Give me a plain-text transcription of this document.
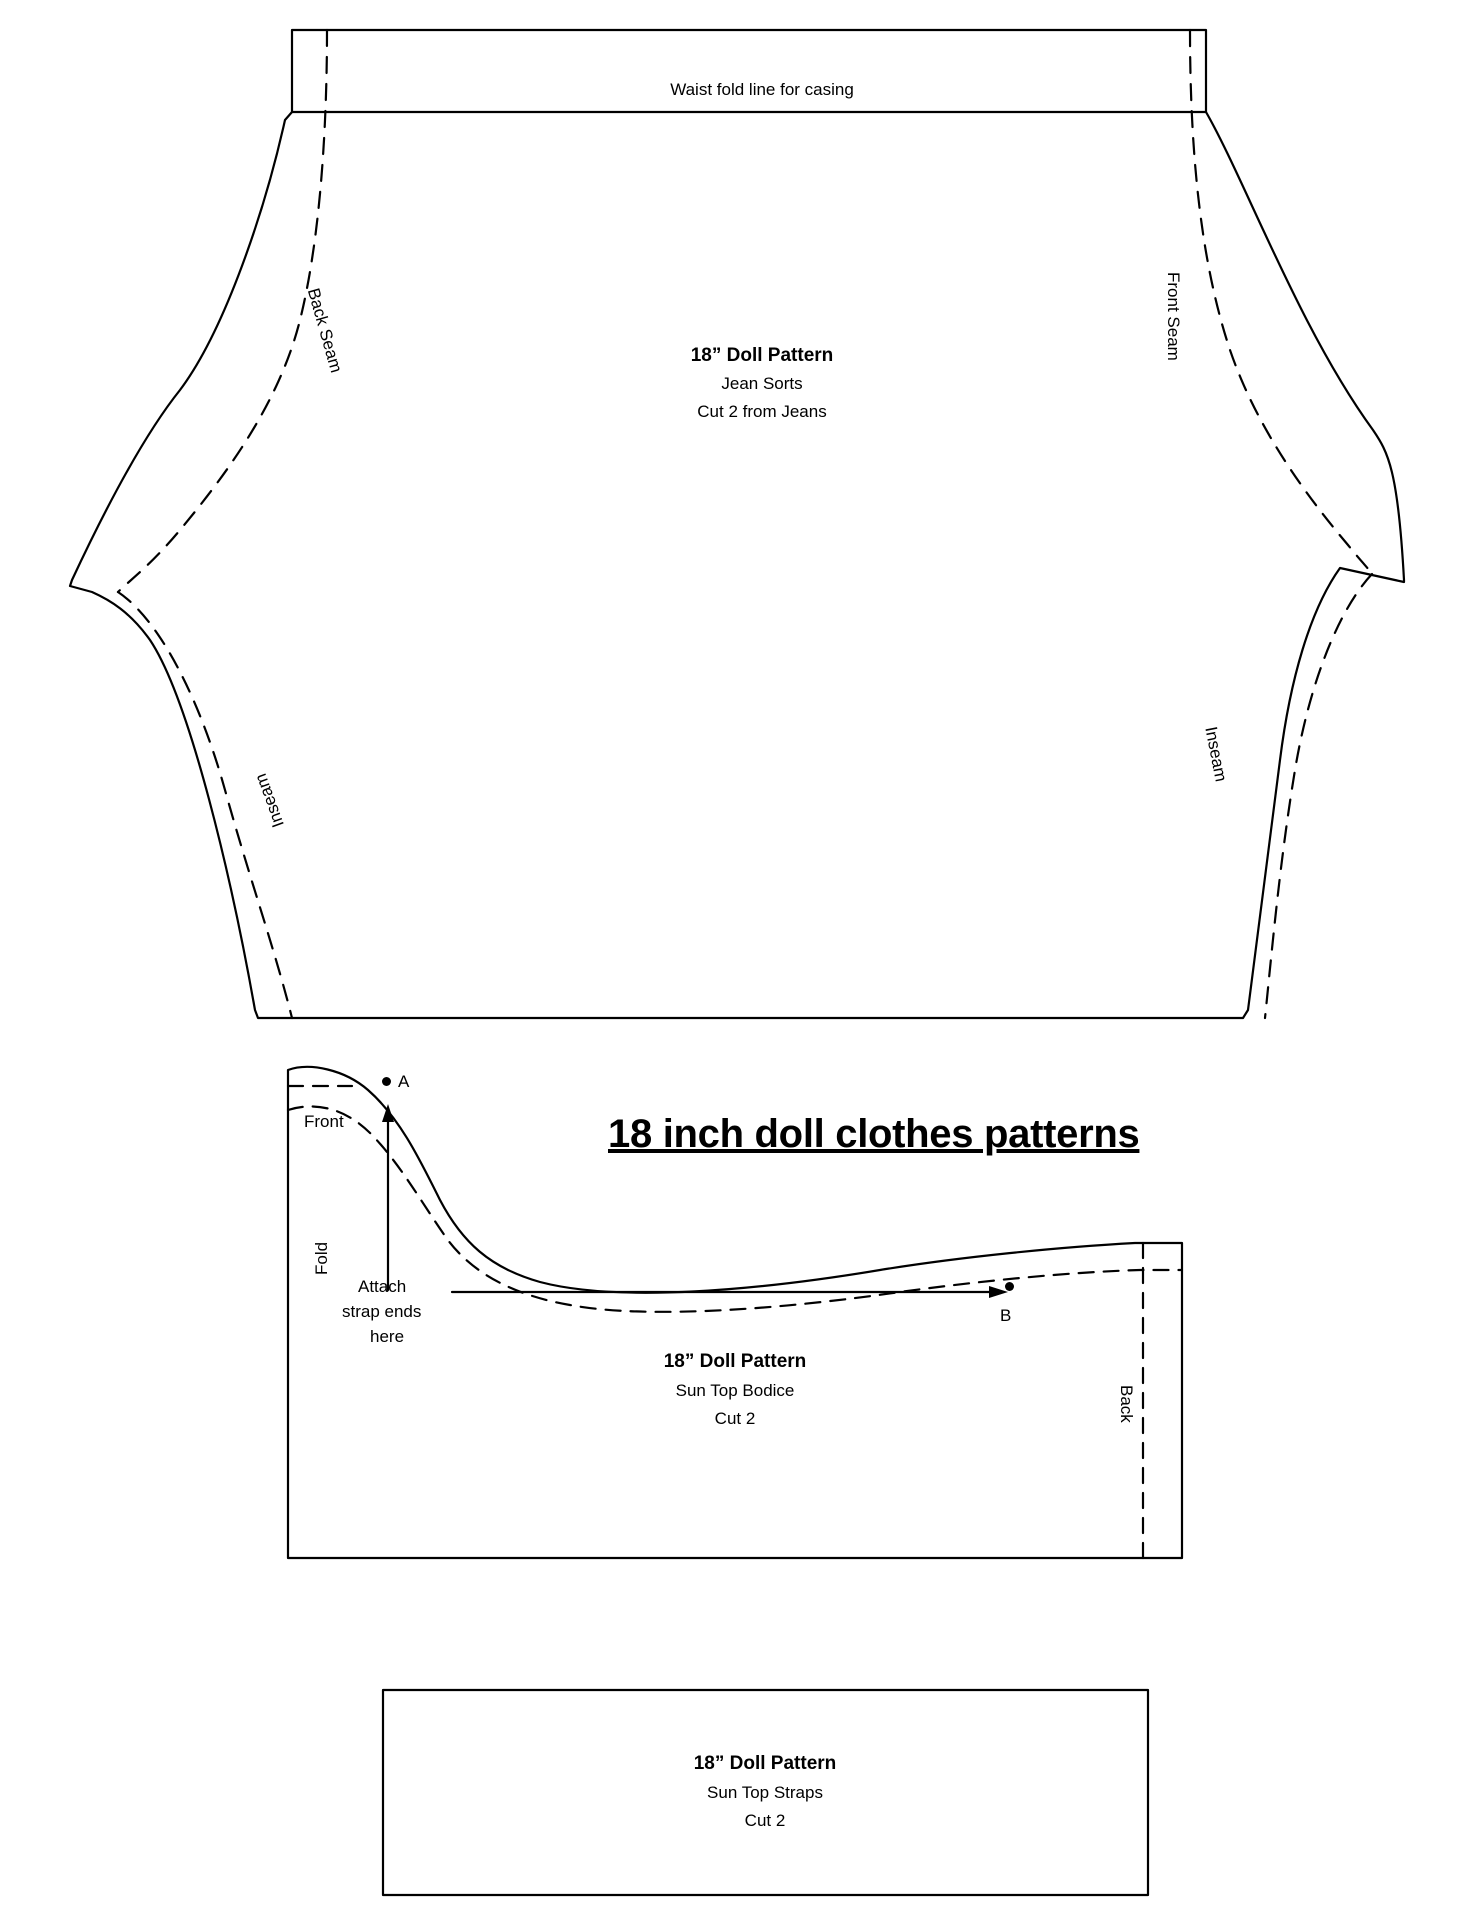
Waist fold line for casing
18” Doll Pattern
Jean Sorts
Cut 2 from Jeans
Back Seam	Front Seam
Inseam
Inseam
18 inch doll clothes patterns
A
B
Front
Fold
Back
Attach
strap ends
here
18” Doll Pattern
Sun Top Bodice
Cut 2
18” Doll Pattern
Sun Top Straps
Cut 2
